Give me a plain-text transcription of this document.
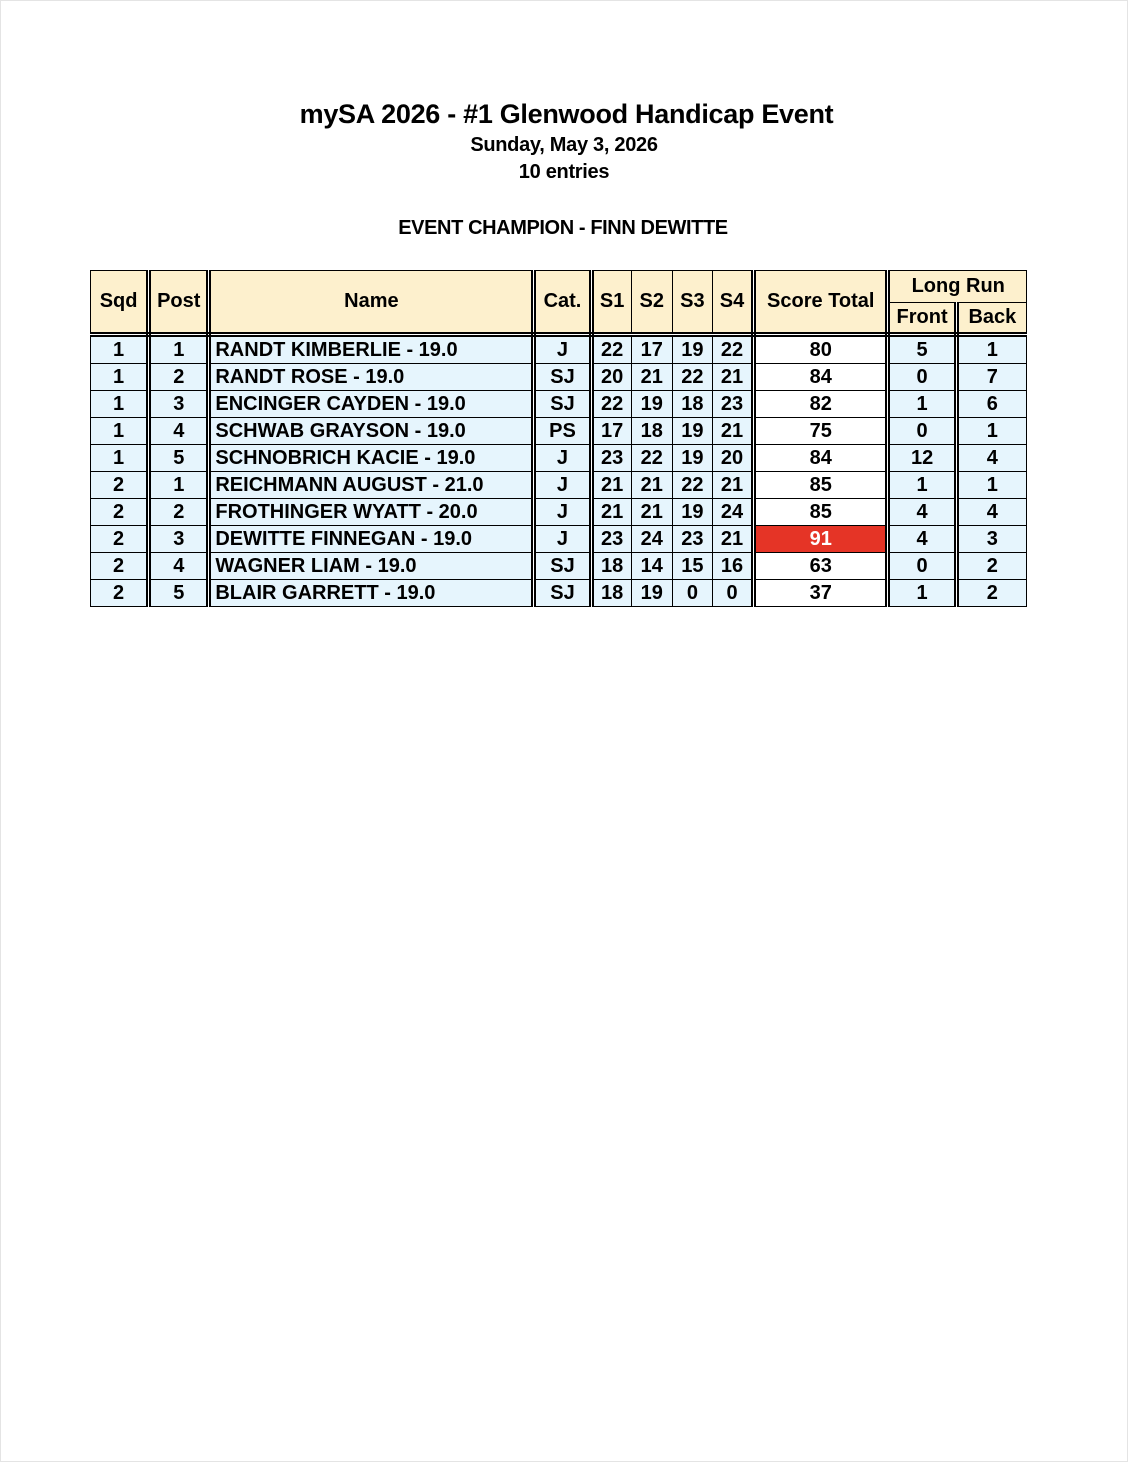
mySA 2026 - #1 Glenwood Handicap Event
Sunday, May 3, 2026
10 entries
EVENT CHAMPION - FINN DEWITTE
Sqd	Post	Name	Cat.	S1	S2	S3	S4	Score Total	Long Run	
									Front	Back
1	1	RANDT KIMBERLIE - 19.0	J	22	17	19	22	80	5	1
1	2	RANDT ROSE - 19.0	SJ	20	21	22	21	84	0	7
1	3	ENCINGER CAYDEN - 19.0	SJ	22	19	18	23	82	1	6
1	4	SCHWAB GRAYSON - 19.0	PS	17	18	19	21	75	0	1
1	5	SCHNOBRICH KACIE - 19.0	J	23	22	19	20	84	12	4
2	1	REICHMANN AUGUST - 21.0	J	21	21	22	21	85	1	1
2	2	FROTHINGER WYATT - 20.0	J	21	21	19	24	85	4	4
2	3	DEWITTE FINNEGAN - 19.0	J	23	24	23	21	91	4	3
2	4	WAGNER LIAM - 19.0	SJ	18	14	15	16	63	0	2
2	5	BLAIR GARRETT - 19.0	SJ	18	19	0	0	37	1	2
